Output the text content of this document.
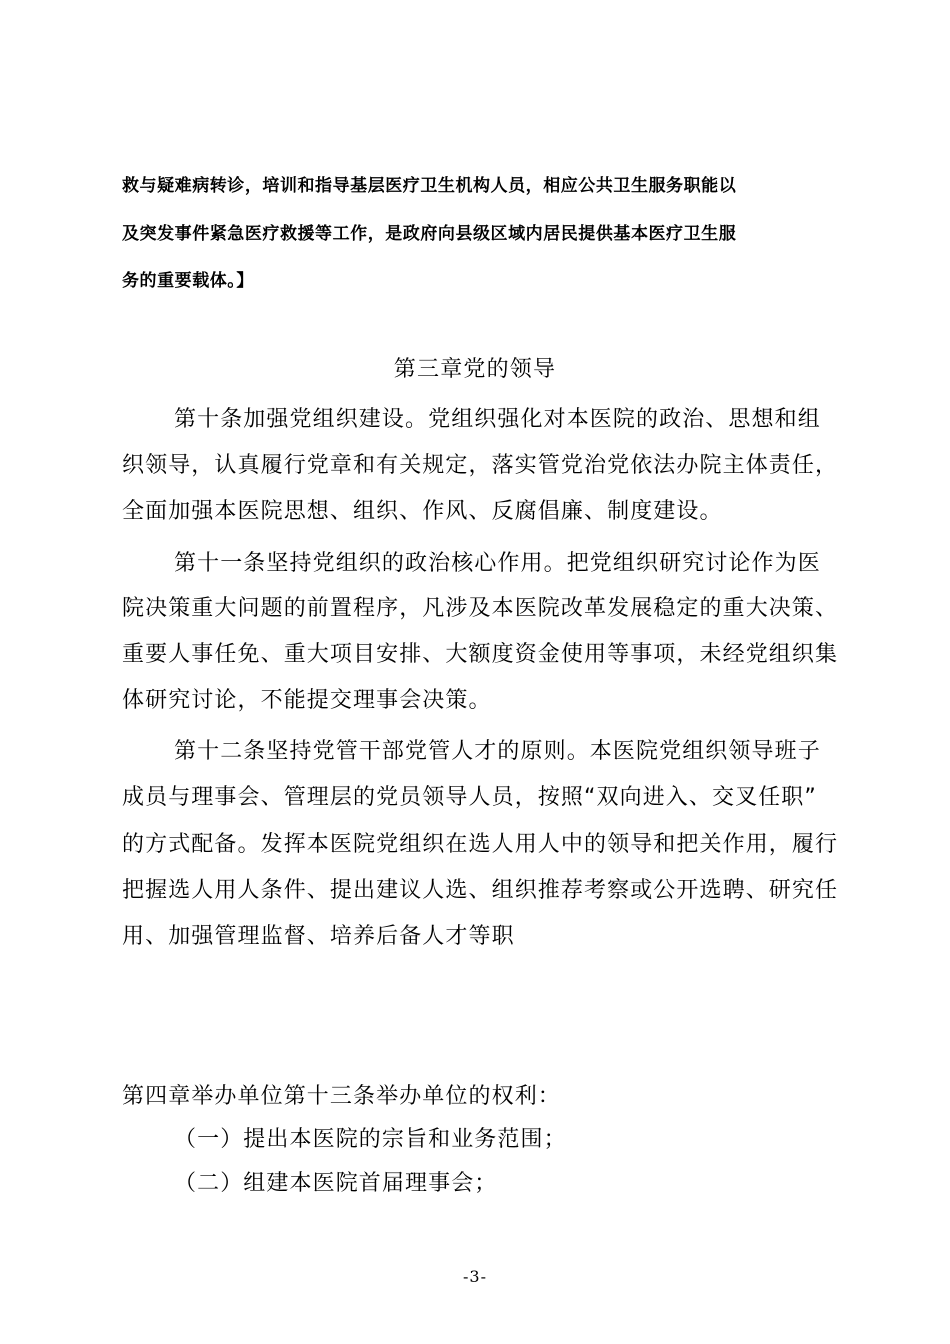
救与疑难病转诊，培训和指导基层医疗卫生机构人员，相应公共卫生服务职能以
及突发事件紧急医疗救援等工作，是政府向县级区域内居民提供基本医疗卫生服
务的重要载体。】
第三章党的领导
第十条加强党组织建设。党组织强化对本医院的政治、思想和组
织领导，认真履行党章和有关规定，落实管党治党依法办院主体责任，
全面加强本医院思想、组织、作风、反腐倡廉、制度建设。
第十一条坚持党组织的政治核心作用。把党组织研究讨论作为医
院决策重大问题的前置程序，凡涉及本医院改革发展稳定的重大决策、
重要人事任免、重大项目安排、大额度资金使用等事项，未经党组织集
体研究讨论，不能提交理事会决策。
第十二条坚持党管干部党管人才的原则。本医院党组织领导班子
成员与理事会、管理层的党员领导人员，按照“双向进入、交叉任职”
的方式配备。发挥本医院党组织在选人用人中的领导和把关作用，履行
把握选人用人条件、提出建议人选、组织推荐考察或公开选聘、研究任
用、加强管理监督、培养后备人才等职
第四章举办单位第十三条举办单位的权利：
（一）提出本医院的宗旨和业务范围；
（二）组建本医院首届理事会；
-3-
